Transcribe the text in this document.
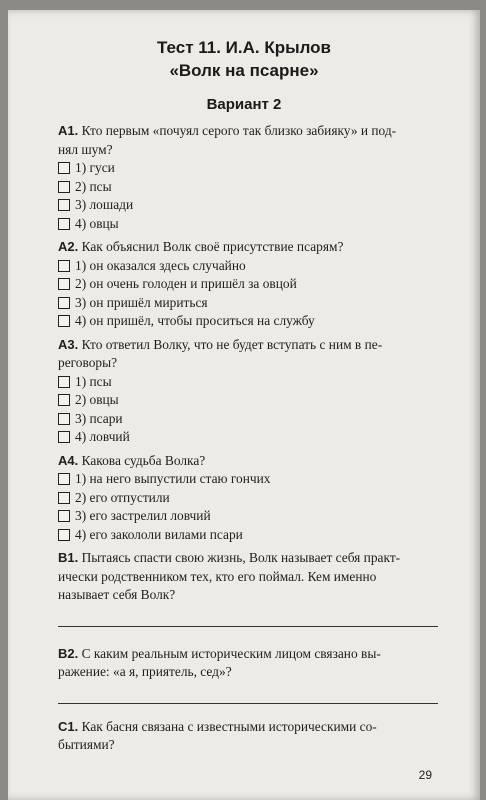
Тест 11. И.А. Крылов
«Волк на псарне»
Вариант 2
А1. Кто первым «почуял серого так близко забияку» и под-
нял шум?
1) гуси
2) псы
3) лошади
4) овцы
А2. Как объяснил Волк своё присутствие псарям?
1) он оказался здесь случайно
2) он очень голоден и пришёл за овцой
3) он пришёл мириться
4) он пришёл, чтобы проситься на службу
А3. Кто ответил Волку, что не будет вступать с ним в пе-
реговоры?
1) псы
2) овцы
3) псари
4) ловчий
А4. Какова судьба Волка?
1) на него выпустили стаю гончих
2) его отпустили
3) его застрелил ловчий
4) его закололи вилами псари
В1. Пытаясь спасти свою жизнь, Волк называет себя практ-
ически родственником тех, кто его поймал. Кем именно
называет себя Волк?
В2. С каким реальным историческим лицом связано вы-
ражение: «а я, приятель, сед»?
С1. Как басня связана с известными историческими со-
бытиями?
29
